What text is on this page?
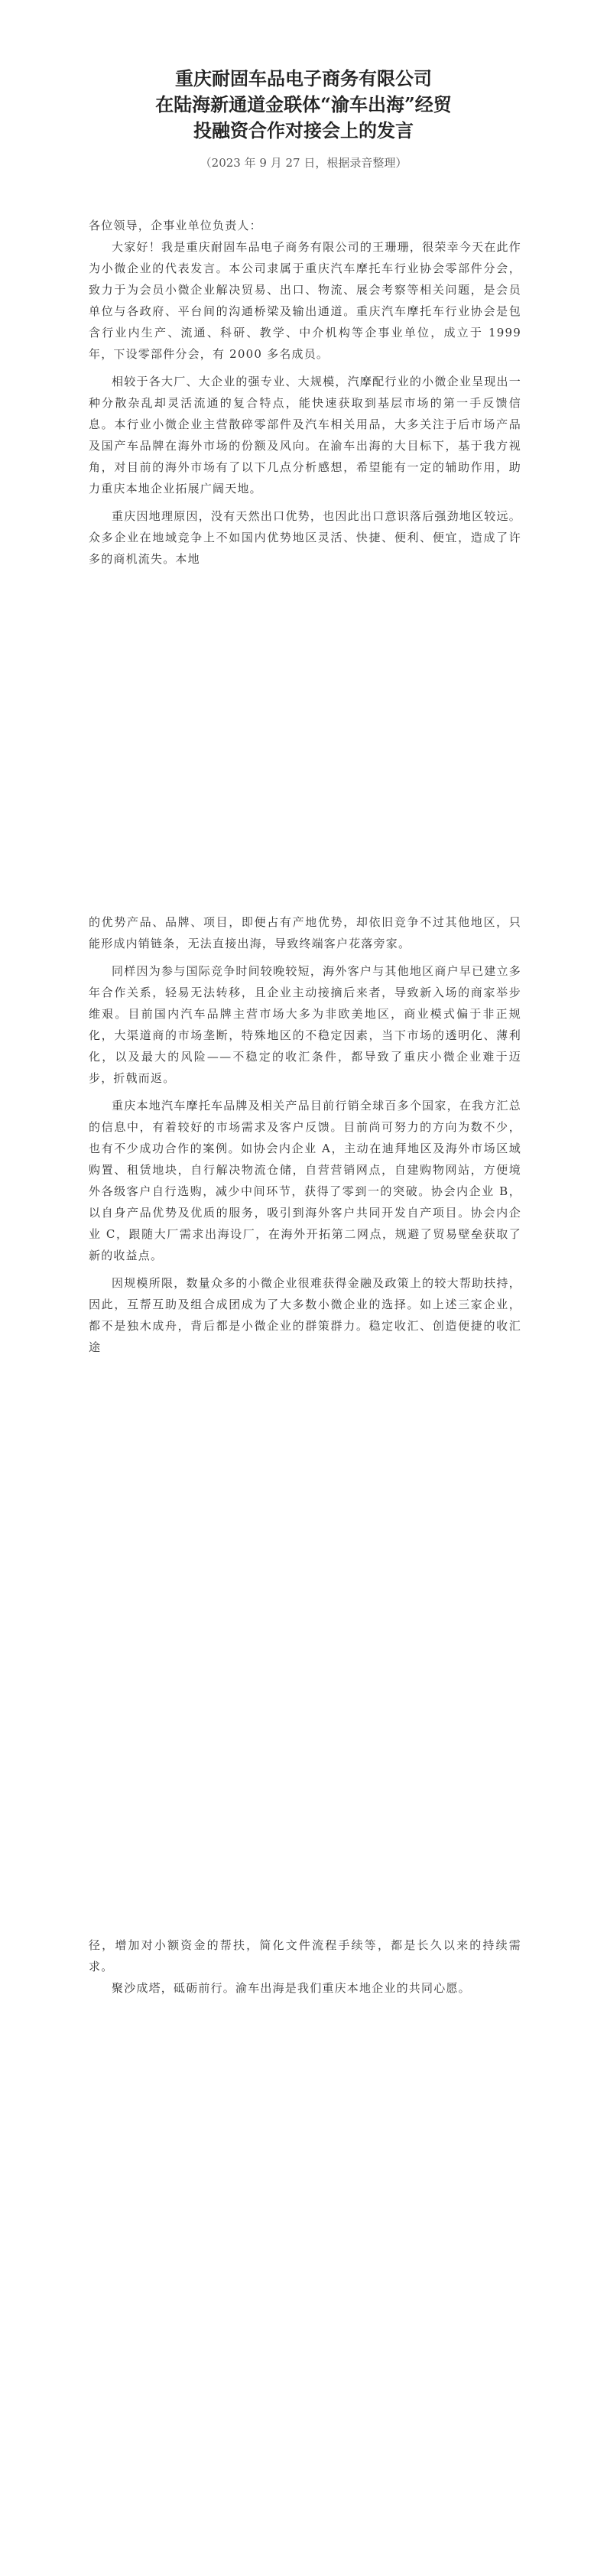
重庆耐固车品电子商务有限公司
在陆海新通道金联体“渝车出海”经贸
投融资合作对接会上的发言
（2023 年 9 月 27 日，根据录音整理）

各位领导，企事业单位负责人：

大家好！我是重庆耐固车品电子商务有限公司的王珊珊，很荣幸今天在此作为小微企业的代表发言。本公司隶属于重庆汽车摩托车行业协会零部件分会，致力于为会员小微企业解决贸易、出口、物流、展会考察等相关问题，是会员单位与各政府、平台间的沟通桥梁及输出通道。重庆汽车摩托车行业协会是包含行业内生产、流通、科研、教学、中介机构等企事业单位，成立于 1999 年，下设零部件分会，有 2000 多名成员。

相较于各大厂、大企业的强专业、大规模，汽摩配行业的小微企业呈现出一种分散杂乱却灵活流通的复合特点，能快速获取到基层市场的第一手反馈信息。本行业小微企业主营散碎零部件及汽车相关用品，大多关注于后市场产品及国产车品牌在海外市场的份额及风向。在渝车出海的大目标下，基于我方视角，对目前的海外市场有了以下几点分析感想，希望能有一定的辅助作用，助力重庆本地企业拓展广阔天地。

重庆因地理原因，没有天然出口优势，也因此出口意识落后强劲地区较远。众多企业在地域竞争上不如国内优势地区灵活、快捷、便利、便宜，造成了许多的商机流失。本地

的优势产品、品牌、项目，即便占有产地优势，却依旧竞争不过其他地区，只能形成内销链条，无法直接出海，导致终端客户花落旁家。

同样因为参与国际竞争时间较晚较短，海外客户与其他地区商户早已建立多年合作关系，轻易无法转移，且企业主动接摘后来者，导致新入场的商家举步维艰。目前国内汽车品牌主营市场大多为非欧美地区，商业模式偏于非正规化，大渠道商的市场垄断，特殊地区的不稳定因素，当下市场的透明化、薄利化，以及最大的风险——不稳定的收汇条件，都导致了重庆小微企业难于迈步，折戟而返。

重庆本地汽车摩托车品牌及相关产品目前行销全球百多个国家，在我方汇总的信息中，有着较好的市场需求及客户反馈。目前尚可努力的方向为数不少，也有不少成功合作的案例。如协会内企业 A，主动在迪拜地区及海外市场区域购置、租赁地块，自行解决物流仓储，自营营销网点，自建购物网站，方便境外各级客户自行选购，减少中间环节，获得了零到一的突破。协会内企业 B，以自身产品优势及优质的服务，吸引到海外客户共同开发自产项目。协会内企业 C，跟随大厂需求出海设厂，在海外开拓第二网点，规避了贸易壁垒获取了新的收益点。

因规模所限，数量众多的小微企业很难获得金融及政策上的较大帮助扶持，因此，互帮互助及组合成团成为了大多数小微企业的选择。如上述三家企业，都不是独木成舟，背后都是小微企业的群策群力。稳定收汇、创造便捷的收汇途

径，增加对小额资金的帮扶，简化文件流程手续等，都是长久以来的持续需求。

聚沙成塔，砥砺前行。渝车出海是我们重庆本地企业的共同心愿。
